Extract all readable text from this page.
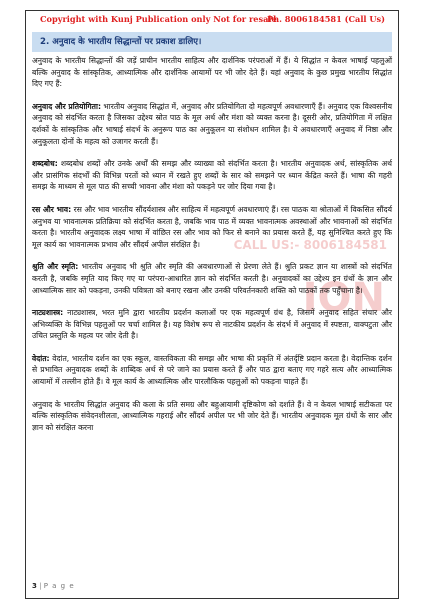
Copyright with Kunj Publication only Not for resale
Ph. 8006184581 (Call Us)
2. अनुवाद के भारतीय सिद्धान्तों पर प्रकाश डालिए।
CALL US:- 8006184581
ION

अनुवाद के भारतीय सिद्धान्तों की जड़ें प्राचीन भारतीय साहित्य और दार्शनिक परंपराओं में हैं। ये सिद्धांत न केवल भाषाई पहलुओं बल्कि अनुवाद के सांस्कृतिक, आध्यात्मिक और दार्शनिक आयामों पर भी जोर देते हैं। यहां अनुवाद के कुछ प्रमुख भारतीय सिद्धांत दिए गए हैं:

अनुवाद और प्रतियोगिता: भारतीय अनुवाद सिद्धांत में, अनुवाद और प्रतियोगिता दो महत्वपूर्ण अवधारणाएँ हैं। अनुवाद एक विश्वसनीय अनुवाद को संदर्भित करता है जिसका उद्देश्य स्रोत पाठ के मूल अर्थ और मंशा को व्यक्त करना है। दूसरी ओर, प्रतियोगिता में लक्षित दर्शकों के सांस्कृतिक और भाषाई संदर्भ के अनुरूप पाठ का अनुकूलन या संशोधन शामिल है। ये अवधारणाएँ अनुवाद में निष्ठा और अनुकूलता दोनों के महत्व को उजागर करती हैं।

शब्दबोध: शब्दबोध शब्दों और उनके अर्थों की समझ और व्याख्या को संदर्भित करता है। भारतीय अनुवादक अर्थ, सांस्कृतिक अर्थ और प्रासंगिक संदर्भों की विभिन्न परतों को ध्यान में रखते हुए शब्दों के सार को समझने पर ध्यान केंद्रित करते हैं। भाषा की गहरी समझ के माध्यम से मूल पाठ की सच्ची भावना और मंशा को पकड़ने पर जोर दिया गया है।

रस और भाव: रस और भाव भारतीय सौंदर्यशास्त्र और साहित्य में महत्वपूर्ण अवधारणाएं हैं। रस पाठक या श्रोताओं में विकसित सौंदर्य अनुभव या भावनात्मक प्रतिक्रिया को संदर्भित करता है, जबकि भाव पाठ में व्यक्त भावनात्मक अवस्थाओं और भावनाओं को संदर्भित करता है। भारतीय अनुवादक लक्ष्य भाषा में वांछित रस और भाव को फिर से बनाने का प्रयास करते हैं, यह सुनिश्चित करते हुए कि मूल कार्य का भावनात्मक प्रभाव और सौंदर्य अपील संरक्षित है।

श्रुति और स्मृति: भारतीय अनुवाद भी श्रुति और स्मृति की अवधारणाओं से प्रेरणा लेते हैं। श्रुति प्रकट ज्ञान या शास्त्रों को संदर्भित करती है, जबकि स्मृति याद किए गए या परंपरा-आधारित ज्ञान को संदर्भित करती है। अनुवादकों का उद्देश्य इन ग्रंथों के ज्ञान और आध्यात्मिक सार को पकड़ना, उनकी पवित्रता को बनाए रखना और उनकी परिवर्तनकारी शक्ति को पाठकों तक पहुँचाना है।

नाट्यशास्त्र: नाट्यशास्त्र, भरत मुनि द्वारा भारतीय प्रदर्शन कलाओं पर एक महत्वपूर्ण ग्रंथ है, जिसमें अनुवाद सहित संचार और अभिव्यक्ति के विभिन्न पहलुओं पर चर्चा शामिल है। यह विशेष रूप से नाटकीय प्रदर्शन के संदर्भ में अनुवाद में स्पष्टता, वाक्पटुता और उचित प्रस्तुति के महत्व पर जोर देती है।

वेदांत: वेदांत, भारतीय दर्शन का एक स्कूल, वास्तविकता की समझ और भाषा की प्रकृति में अंतर्दृष्टि प्रदान करता है। वेदान्तिक दर्शन से प्रभावित अनुवादक शब्दों के शाब्दिक अर्थ से परे जाने का प्रयास करते हैं और पाठ द्वारा बताए गए गहरे सत्य और आध्यात्मिक आयामों में तल्लीन होते हैं। वे मूल कार्य के आध्यात्मिक और पारलौकिक पहलुओं को पकड़ना चाहते हैं।

अनुवाद के भारतीय सिद्धांत अनुवाद की कला के प्रति समग्र और बहुआयामी दृष्टिकोण को दर्शाते हैं। वे न केवल भाषाई सटीकता पर बल्कि सांस्कृतिक संवेदनशीलता, आध्यात्मिक गहराई और सौंदर्य अपील पर भी जोर देते हैं। भारतीय अनुवादक मूल ग्रंथों के सार और ज्ञान को संरक्षित करना

3 | P a g e
